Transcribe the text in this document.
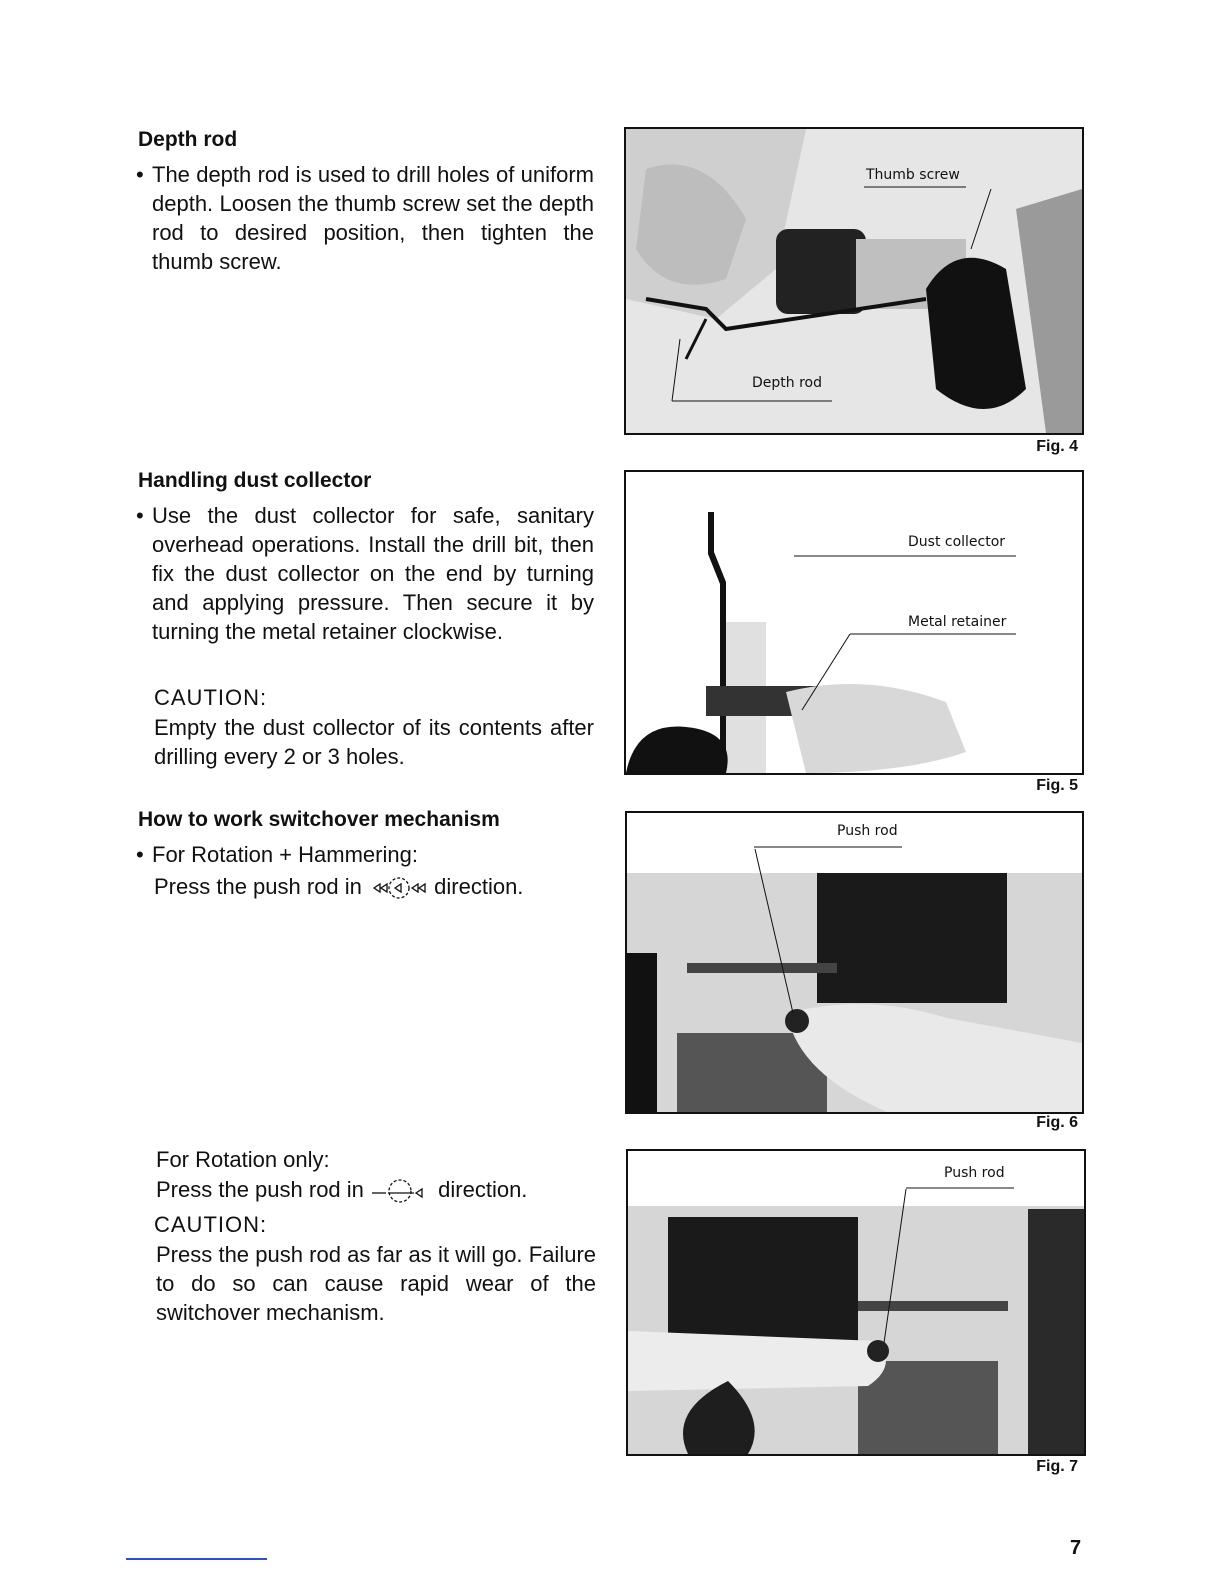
Depth rod
• The depth rod is used to drill holes of uniform depth. Loosen the thumb screw set the depth rod to desired position, then tighten the thumb screw.

Handling dust collector
• Use the dust collector for safe, sanitary overhead operations. Install the drill bit, then fix the dust collector on the end by turning and applying pressure. Then secure it by turning the metal retainer clockwise.

CAUTION:
Empty the dust collector of its contents after drilling every 2 or 3 holes.
How to work switchover mechanism
• For Rotation + Hammering:

Press the push rod in	direction.
For Rotation only:
Press the push rod in	direction.
CAUTION:
Press the push rod as far as it will go. Failure to do so can cause rapid wear of the switchover mechanism.
Thumb screw
Depth rod
Fig. 4
Dust collector
Metal retainer
Fig. 5
Push rod
Fig. 6
Push rod
Fig. 7
7
